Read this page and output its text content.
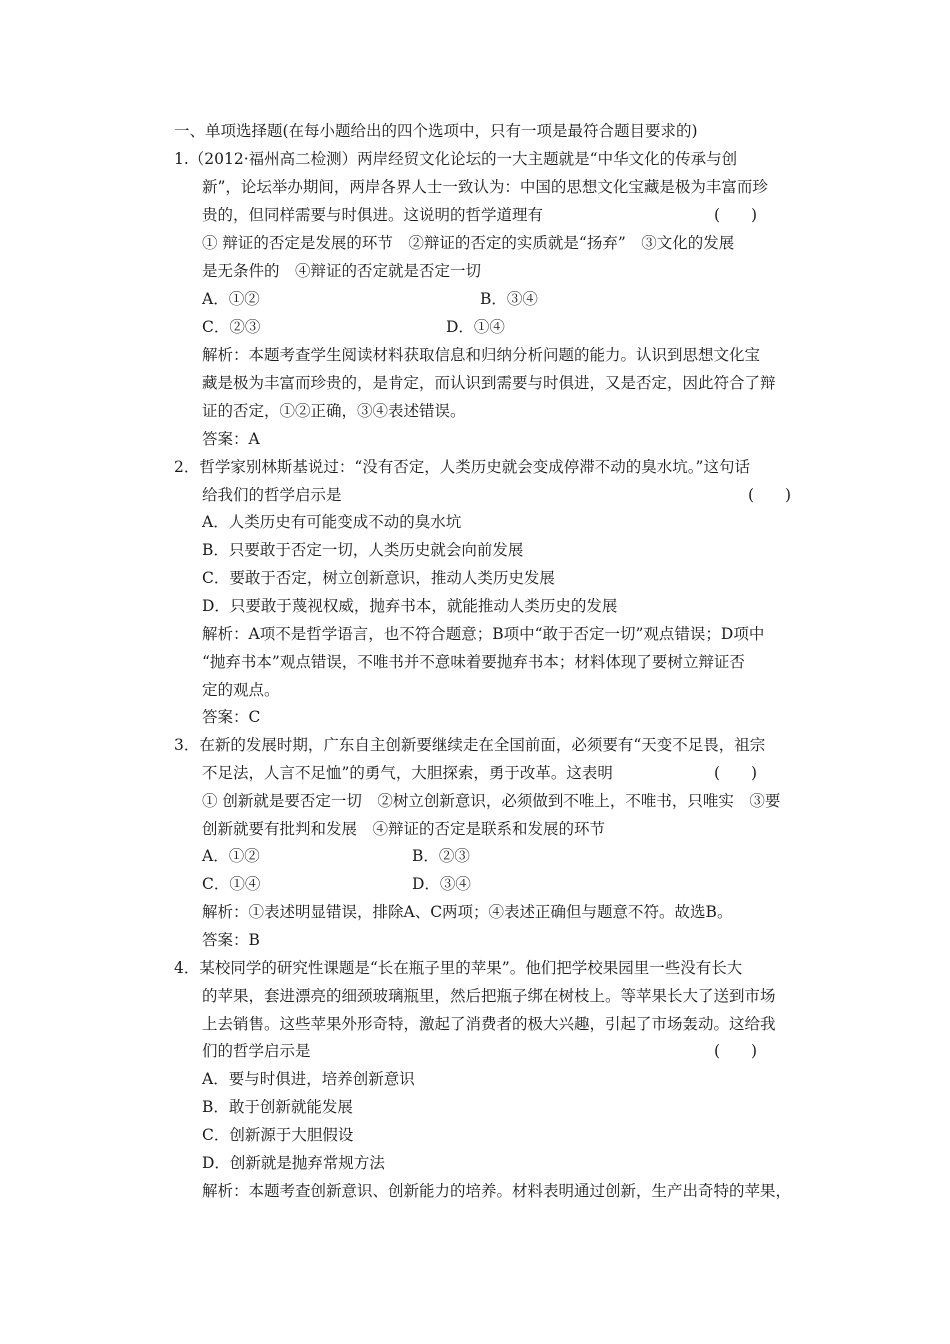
一、单项选择题(在每小题给出的四个选项中，只有一项是最符合题目要求的)
1.（2012·福州高二检测）两岸经贸文化论坛的一大主题就是“中华文化的传承与创
新”，论坛举办期间，两岸各界人士一致认为：中国的思想文化宝藏是极为丰富而珍
贵的，但同样需要与时俱进。这说明的哲学道理有	(　　)
① 辩证的否定是发展的环节　②辩证的否定的实质就是“扬弃”　③文化的发展
是无条件的　④辩证的否定就是否定一切
A．①②	B．③④
C．②③	D．①④
解析：本题考查学生阅读材料获取信息和归纳分析问题的能力。认识到思想文化宝
藏是极为丰富而珍贵的，是肯定，而认识到需要与时俱进，又是否定，因此符合了辩
证的否定，①②正确，③④表述错误。
答案：A
2．哲学家别林斯基说过：“没有否定，人类历史就会变成停滞不动的臭水坑。”这句话
给我们的哲学启示是	(　　)
A．人类历史有可能变成不动的臭水坑
B．只要敢于否定一切，人类历史就会向前发展
C．要敢于否定，树立创新意识，推动人类历史发展
D．只要敢于蔑视权威，抛弃书本，就能推动人类历史的发展
解析：A项不是哲学语言，也不符合题意；B项中“敢于否定一切”观点错误；D项中
“抛弃书本”观点错误，不唯书并不意味着要抛弃书本；材料体现了要树立辩证否
定的观点。
答案：C
3．在新的发展时期，广东自主创新要继续走在全国前面，必须要有“天变不足畏，祖宗
不足法，人言不足恤”的勇气，大胆探索，勇于改革。这表明	(　　)
① 创新就是要否定一切　②树立创新意识，必须做到不唯上，不唯书，只唯实　③要
创新就要有批判和发展　④辩证的否定是联系和发展的环节
A．①②	B．②③
C．①④	D．③④
解析：①表述明显错误，排除A、C两项；④表述正确但与题意不符。故选B。
答案：B
4．某校同学的研究性课题是“长在瓶子里的苹果”。他们把学校果园里一些没有长大
的苹果，套进漂亮的细颈玻璃瓶里，然后把瓶子绑在树枝上。等苹果长大了送到市场
上去销售。这些苹果外形奇特，激起了消费者的极大兴趣，引起了市场轰动。这给我
们的哲学启示是	(　　)
A．要与时俱进，培养创新意识
B．敢于创新就能发展
C．创新源于大胆假设
D．创新就是抛弃常规方法
解析：本题考查创新意识、创新能力的培养。材料表明通过创新，生产出奇特的苹果，
